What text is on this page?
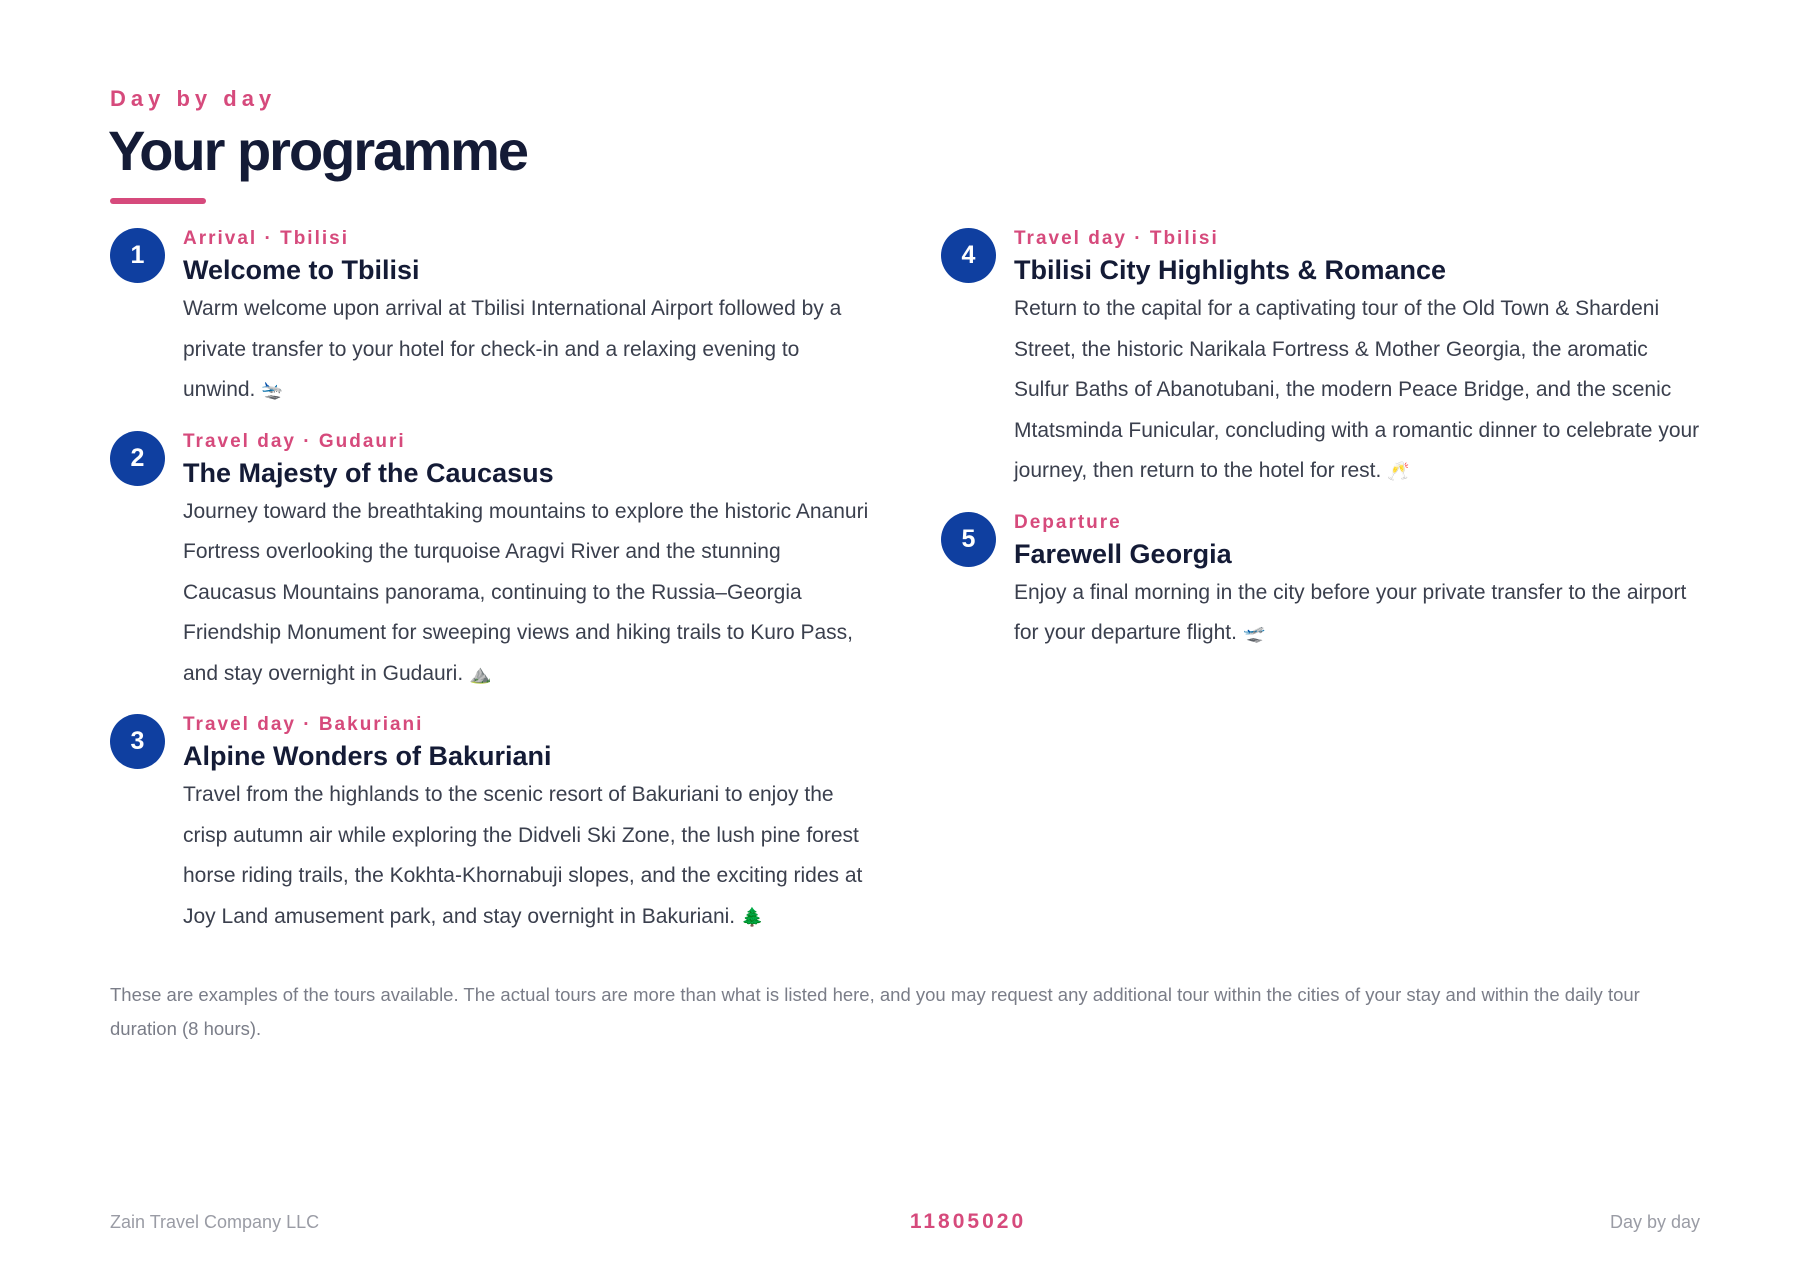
Day by day
Your programme
1
Arrival · Tbilisi
Welcome to Tbilisi
Warm welcome upon arrival at Tbilisi International Airport followed by a private transfer to your hotel for check-in and a relaxing evening to unwind. 🛬
2
Travel day · Gudauri
The Majesty of the Caucasus
Journey toward the breathtaking mountains to explore the historic Ananuri Fortress overlooking the turquoise Aragvi River and the stunning Caucasus Mountains panorama, continuing to the Russia–Georgia Friendship Monument for sweeping views and hiking trails to Kuro Pass, and stay overnight in Gudauri. ⛰️
3
Travel day · Bakuriani
Alpine Wonders of Bakuriani
Travel from the highlands to the scenic resort of Bakuriani to enjoy the crisp autumn air while exploring the Didveli Ski Zone, the lush pine forest horse riding trails, the Kokhta-Khornabuji slopes, and the exciting rides at Joy Land amusement park, and stay overnight in Bakuriani. 🌲
4
Travel day · Tbilisi
Tbilisi City Highlights & Romance
Return to the capital for a captivating tour of the Old Town & Shardeni Street, the historic Narikala Fortress & Mother Georgia, the aromatic Sulfur Baths of Abanotubani, the modern Peace Bridge, and the scenic Mtatsminda Funicular, concluding with a romantic dinner to celebrate your journey, then return to the hotel for rest. 🥂
5
Departure
Farewell Georgia
Enjoy a final morning in the city before your private transfer to the airport for your departure flight. 🛫
These are examples of the tours available. The actual tours are more than what is listed here, and you may request any additional tour within the cities of your stay and within the daily tour duration (8 hours).
Zain Travel Company LLC	11805020	Day by day
